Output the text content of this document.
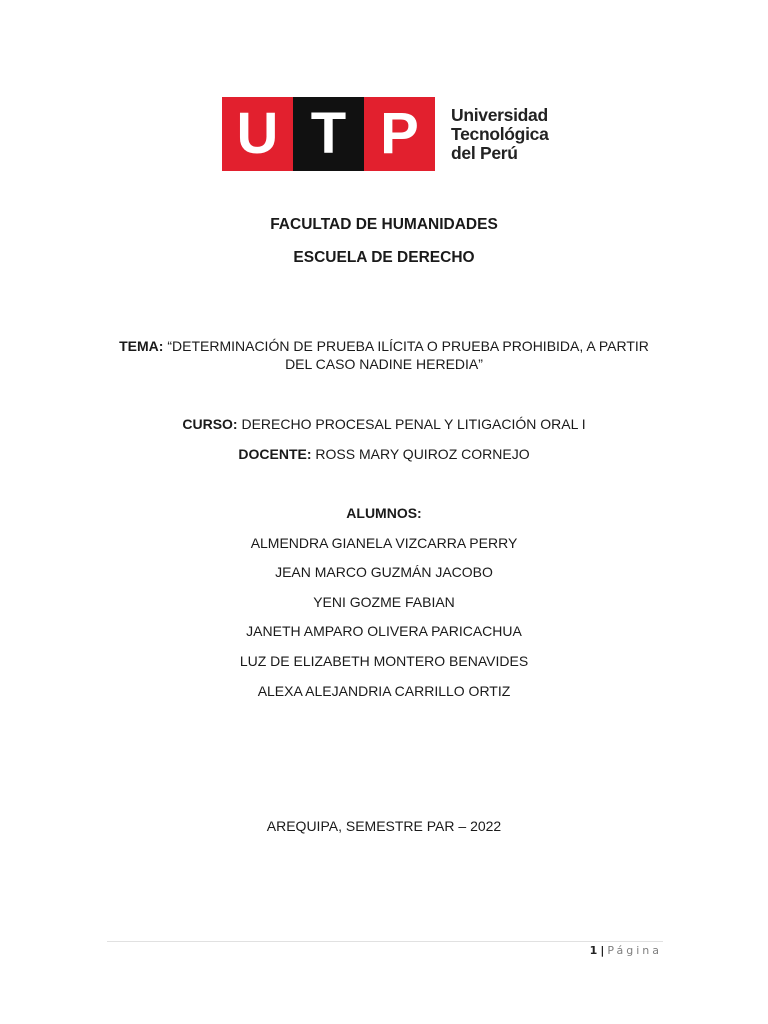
U T P	Universidad
Tecnológica
del Perú
FACULTAD DE HUMANIDADES
ESCUELA DE DERECHO
TEMA: “DETERMINACIÓN DE PRUEBA ILÍCITA O PRUEBA PROHIBIDA, A PARTIR DEL CASO NADINE HEREDIA”
CURSO: DERECHO PROCESAL PENAL Y LITIGACIÓN ORAL I
DOCENTE: ROSS MARY QUIROZ CORNEJO
ALUMNOS:
ALMENDRA GIANELA VIZCARRA PERRY
JEAN MARCO GUZMÁN JACOBO
YENI GOZME FABIAN
JANETH AMPARO OLIVERA PARICACHUA
LUZ DE ELIZABETH MONTERO BENAVIDES
ALEXA ALEJANDRIA CARRILLO ORTIZ
AREQUIPA, SEMESTRE PAR – 2022
1 | Página
